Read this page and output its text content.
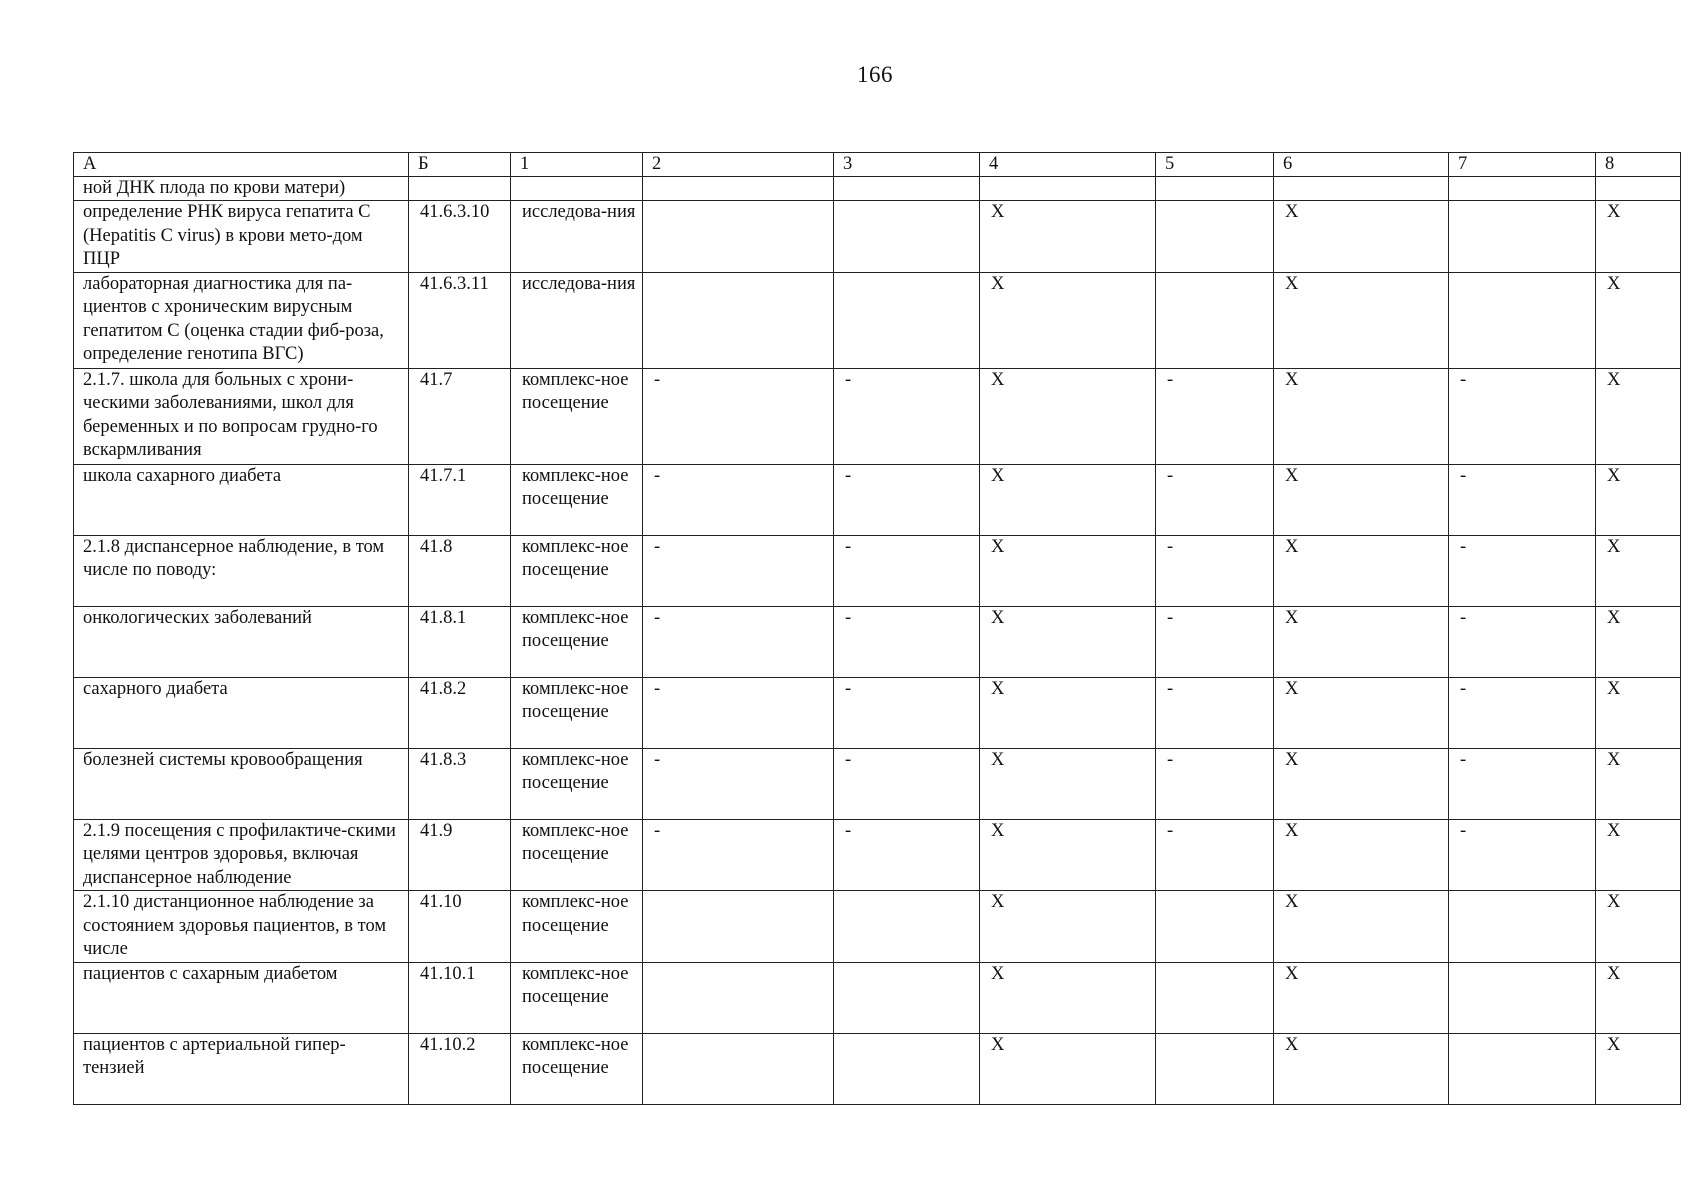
166
А	Б	1	2	3	4	5	6	7	8
ной ДНК плода по крови матери)									
определение РНК вируса гепатита С (Hepatitis C virus) в крови мето-дом ПЦР	41.6.3.10	исследова-ния			Х		Х		Х
лабораторная диагностика для па-циентов с хроническим вирусным гепатитом С (оценка стадии фиб-роза, определение генотипа ВГС)	41.6.3.11	исследова-ния			Х		Х		Х
2.1.7. школа для больных с хрони-ческими заболеваниями, школ для беременных и по вопросам грудно-го вскармливания	41.7	комплекс-ное посещение	-	-	Х	-	Х	-	Х
школа сахарного диабета	41.7.1	комплекс-ное посещение	-	-	Х	-	Х	-	Х
2.1.8 диспансерное наблюдение, в том числе по поводу:	41.8	комплекс-ное посещение	-	-	Х	-	Х	-	Х
онкологических заболеваний	41.8.1	комплекс-ное посещение	-	-	Х	-	Х	-	Х
сахарного диабета	41.8.2	комплекс-ное посещение	-	-	Х	-	Х	-	Х
болезней системы кровообращения	41.8.3	комплекс-ное посещение	-	-	Х	-	Х	-	Х
2.1.9 посещения с профилактиче-скими целями центров здоровья, включая диспансерное наблюдение	41.9	комплекс-ное посещение	-	-	Х	-	Х	-	Х
2.1.10 дистанционное наблюдение за состоянием здоровья пациентов, в том числе	41.10	комплекс-ное посещение			Х		Х		Х
пациентов с сахарным диабетом	41.10.1	комплекс-ное посещение			Х		Х		Х
пациентов с артериальной гипер-тензией	41.10.2	комплекс-ное посещение			Х		Х		Х
